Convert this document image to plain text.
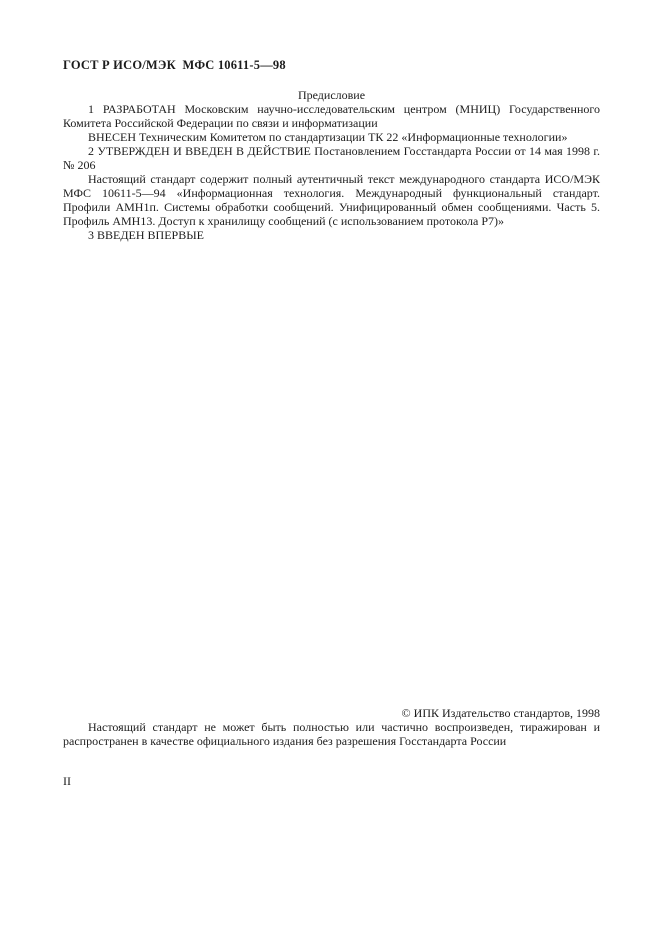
ГОСТ Р ИСО/МЭК  МФС 10611-5—98
Предисловие

1 РАЗРАБОТАН Московским научно-исследовательским центром (МНИЦ) Государственного Комитета Российской Федерации по связи и информатизации

ВНЕСЕН Техническим Комитетом по стандартизации ТК 22 «Информационные технологии»

2 УТВЕРЖДЕН И ВВЕДЕН В ДЕЙСТВИЕ Постановлением Госстандарта России от 14 мая 1998 г. № 206

Настоящий стандарт содержит полный аутентичный текст международного стандарта ИСО/МЭК МФС 10611-5—94 «Информационная технология. Международный функциональный стандарт. Профили АМН1п. Системы обработки сообщений. Унифицированный обмен сообщениями. Часть 5. Профиль АМН13. Доступ к хранилищу сообщений (с использованием протокола Р7)»

3 ВВЕДЕН ВПЕРВЫЕ

© ИПК Издательство стандартов, 1998

Настоящий стандарт не может быть полностью или частично воспроизведен, тиражирован и распространен в качестве официального издания без разрешения Госстандарта России

II
